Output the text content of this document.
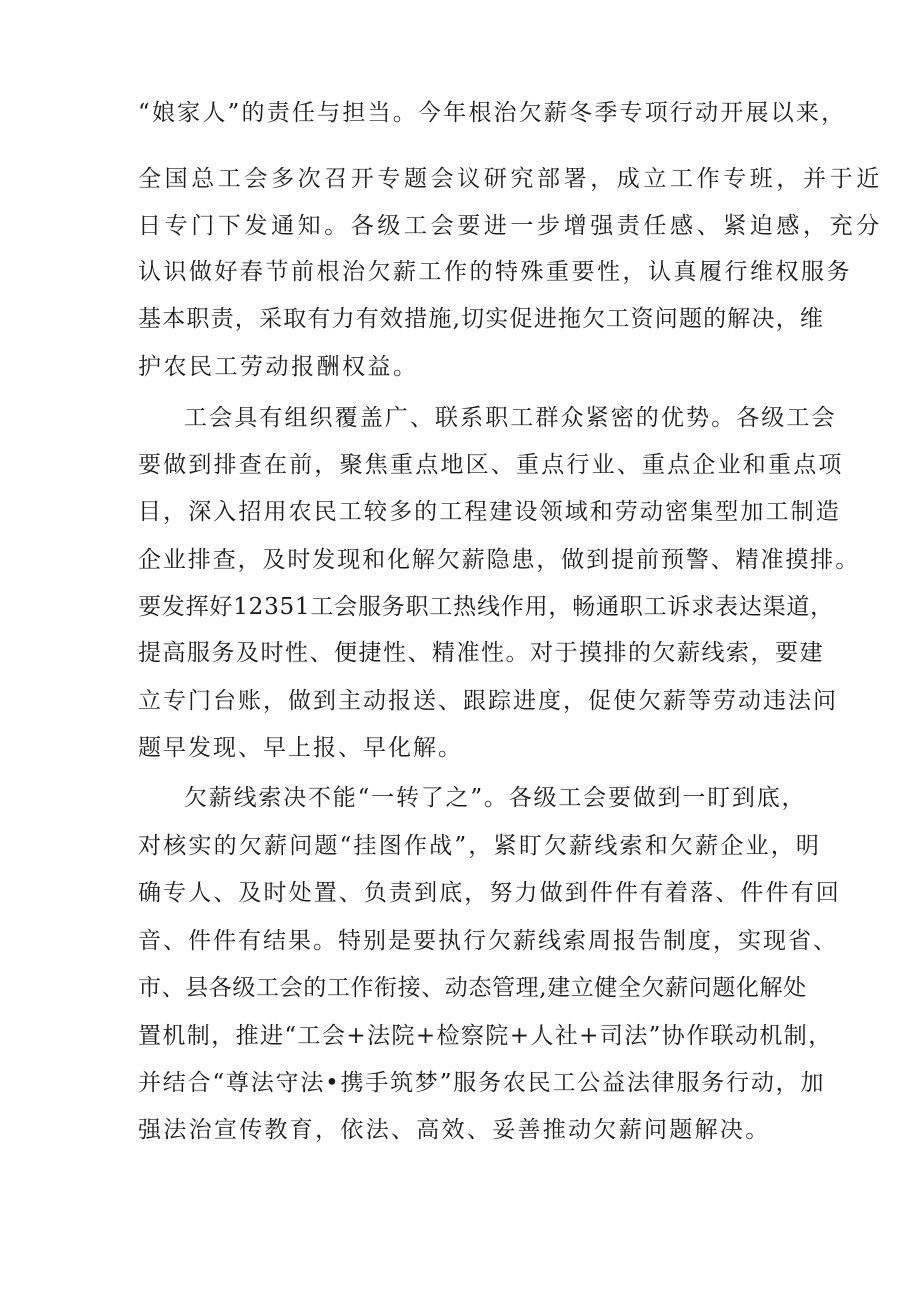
“娘家人”的责任与担当。今年根治欠薪冬季专项行动开展以来，

全国总工会多次召开专题会议研究部署，成立工作专班，并于近

日专门下发通知。各级工会要进一步增强责任感、紧迫感，充分

认识做好春节前根治欠薪工作的特殊重要性，认真履行维权服务

基本职责，采取有力有效措施,切实促进拖欠工资问题的解决，维

护农民工劳动报酬权益。

工会具有组织覆盖广、联系职工群众紧密的优势。各级工会

要做到排查在前，聚焦重点地区、重点行业、重点企业和重点项

目，深入招用农民工较多的工程建设领域和劳动密集型加工制造

企业排查，及时发现和化解欠薪隐患，做到提前预警、精准摸排。

要发挥好12351工会服务职工热线作用，畅通职工诉求表达渠道，

提高服务及时性、便捷性、精准性。对于摸排的欠薪线索，要建

立专门台账，做到主动报送、跟踪进度，促使欠薪等劳动违法问

题早发现、早上报、早化解。

欠薪线索决不能“一转了之”。各级工会要做到一盯到底，

对核实的欠薪问题“挂图作战”，紧盯欠薪线索和欠薪企业，明

确专人、及时处置、负责到底，努力做到件件有着落、件件有回

音、件件有结果。特别是要执行欠薪线索周报告制度，实现省、

市、县各级工会的工作衔接、动态管理,建立健全欠薪问题化解处

置机制，推进“工会+法院+检察院+人社+司法”协作联动机制，

并结合“尊法守法•携手筑梦”服务农民工公益法律服务行动，加

强法治宣传教育，依法、高效、妥善推动欠薪问题解决。
